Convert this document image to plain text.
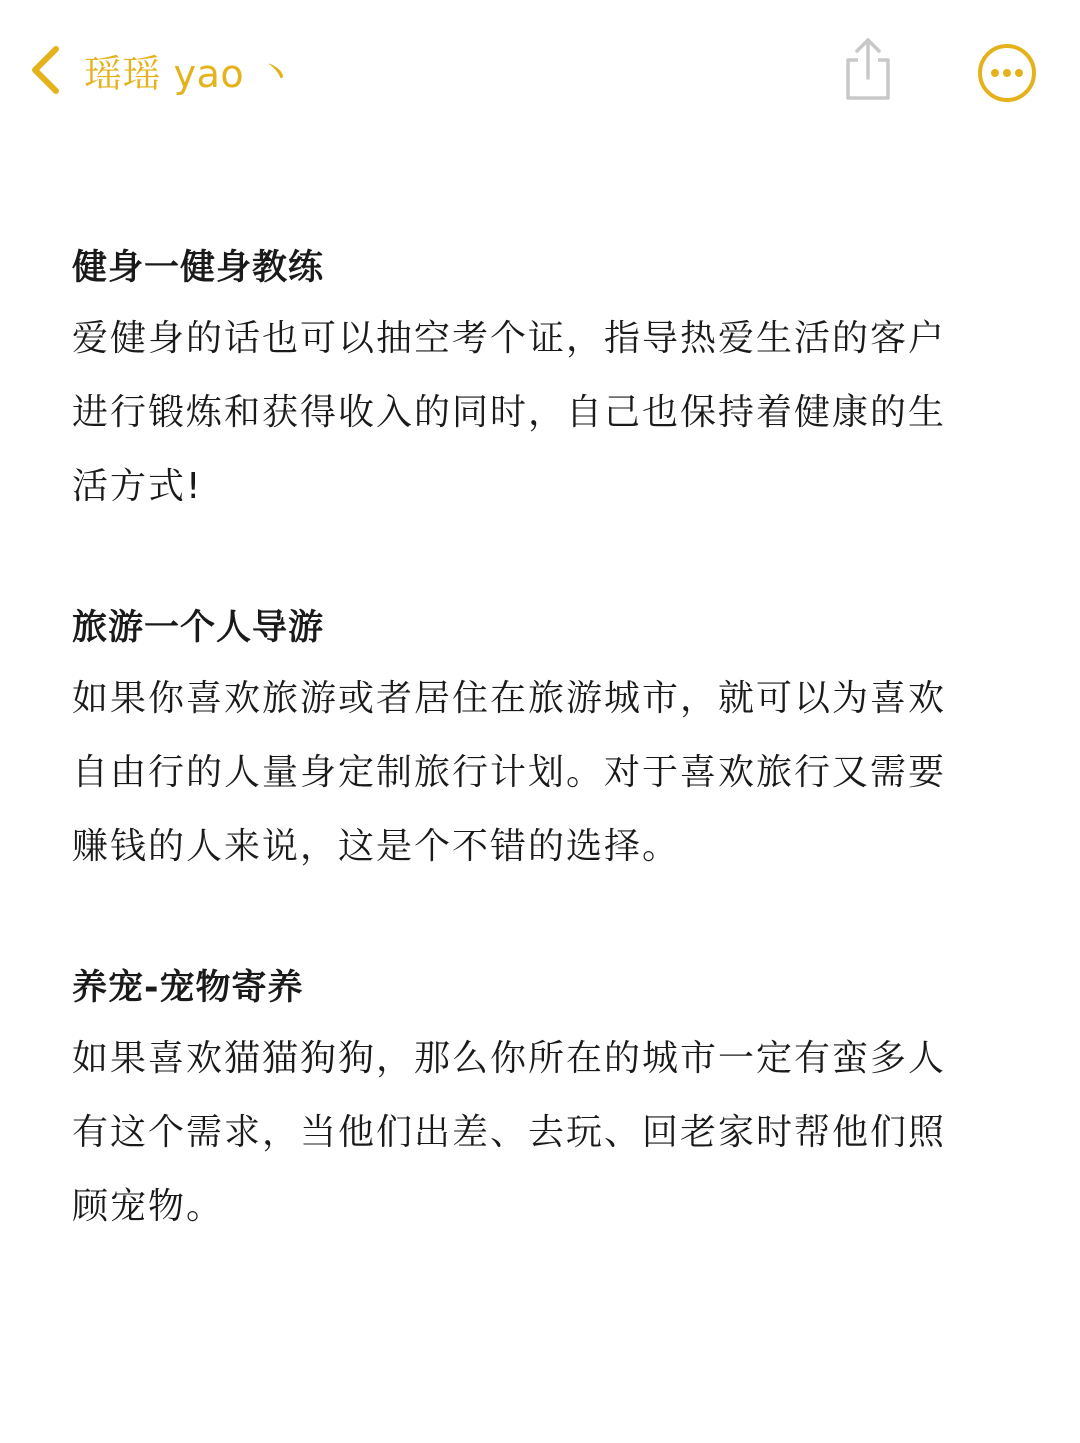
瑶瑶 yao 丶

健身一健身教练

爱健身的话也可以抽空考个证，指导热爱生活的客户
进行锻炼和获得收入的同时，自己也保持着健康的生
活方式!

旅游一个人导游

如果你喜欢旅游或者居住在旅游城市，就可以为喜欢
自由行的人量身定制旅行计划。对于喜欢旅行又需要
赚钱的人来说，这是个不错的选择。

养宠-宠物寄养

如果喜欢猫猫狗狗，那么你所在的城市一定有蛮多人
有这个需求，当他们出差、去玩、回老家时帮他们照
顾宠物。
